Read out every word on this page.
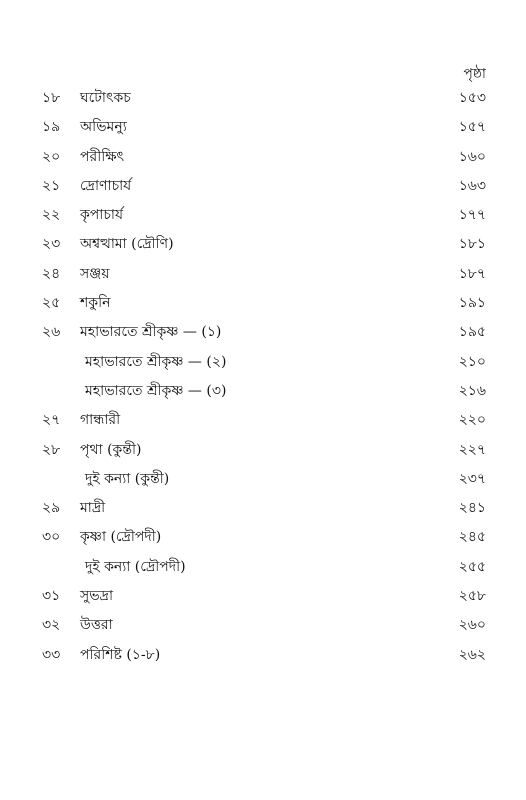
পৃষ্ঠা
১৮ ঘটোৎকচ	১৫৩
১৯ অভিমন্যু	১৫৭
২০ পরীক্ষিৎ	১৬০
২১ দ্রোণাচার্য	১৬৩
২২ কৃপাচার্য	১৭৭
২৩ অশ্বত্থামা (দ্রৌণি)	১৮১
২৪ সঞ্জয়	১৮৭
২৫ শকুনি	১৯১
২৬ মহাভারতে শ্রীকৃষ্ণ — (১)	১৯৫
মহাভারতে শ্রীকৃষ্ণ — (২)	২১০
মহাভারতে শ্রীকৃষ্ণ — (৩)	২১৬
২৭ গান্ধারী	২২০
২৮ পৃথা (কুন্তী)	২২৭
দুই কন্যা (কুন্তী)	২৩৭
২৯ মাদ্রী	২৪১
৩০ কৃষ্ণা (দ্রৌপদী)	২৪৫
দুই কন্যা (দ্রৌপদী)	২৫৫
৩১ সুভদ্রা	২৫৮
৩২ উত্তরা	২৬০
৩৩ পরিশিষ্ট (১-৮)	২৬২
